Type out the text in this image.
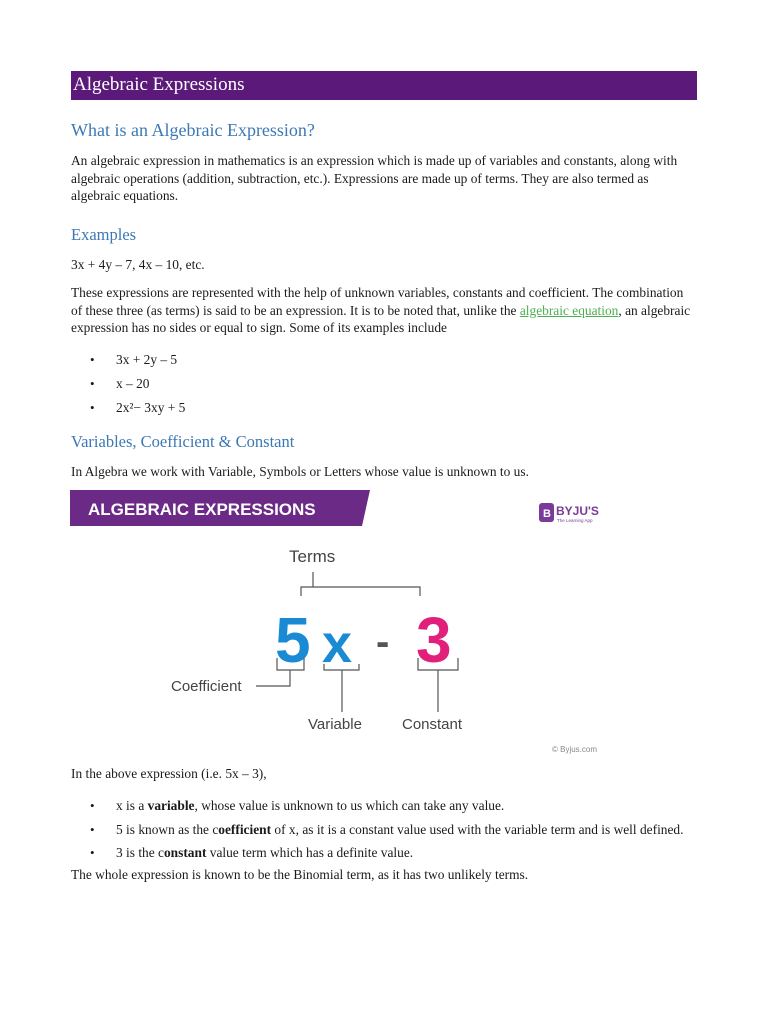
Algebraic Expressions
What is an Algebraic Expression?

An algebraic expression in mathematics is an expression which is made up of variables and constants, along with algebraic operations (addition, subtraction, etc.). Expressions are made up of terms. They are also termed as algebraic equations.

Examples

3x + 4y – 7, 4x – 10, etc.

These expressions are represented with the help of unknown variables, constants and coefficient. The combination of these three (as terms) is said to be an expression. It is to be noted that, unlike the algebraic equation, an algebraic expression has no sides or equal to sign. Some of its examples include

• 3x + 2y – 5
• x – 20
• 2x²− 3xy + 5
Variables, Coefficient & Constant

In Algebra we work with Variable, Symbols or Letters whose value is unknown to us.

ALGEBRAIC EXPRESSIONS	B BYJU'S
The Learning App
Terms
5 x - 3
Coefficient
Variable	Constant
© Byjus.com

In the above expression (i.e. 5x – 3),

• x is a variable, whose value is unknown to us which can take any value.
• 5 is known as the coefficient of x, as it is a constant value used with the variable term and is well defined.
• 3 is the constant value term which has a definite value.

The whole expression is known to be the Binomial term, as it has two unlikely terms.
